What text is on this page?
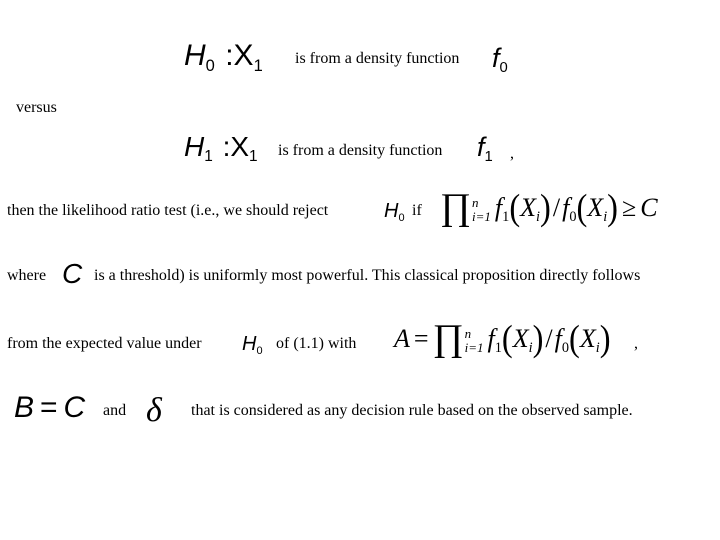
H0 :X1 is from a density function f0
versus
H1 :X1 is from a density function f1 ,
then the likelihood ratio test (i.e., we should reject	H0 if ∏ n
i=1 f1(Xi)/f0(Xi) ≥ C
where C is a threshold) is uniformly most powerful. This classical proposition directly follows
from the expected value under H0 of (1.1) with A = ∏ n
i=1 f1(Xi)/f0(Xi) ,
B = C and δ that is considered as any decision rule based on the observed sample.
